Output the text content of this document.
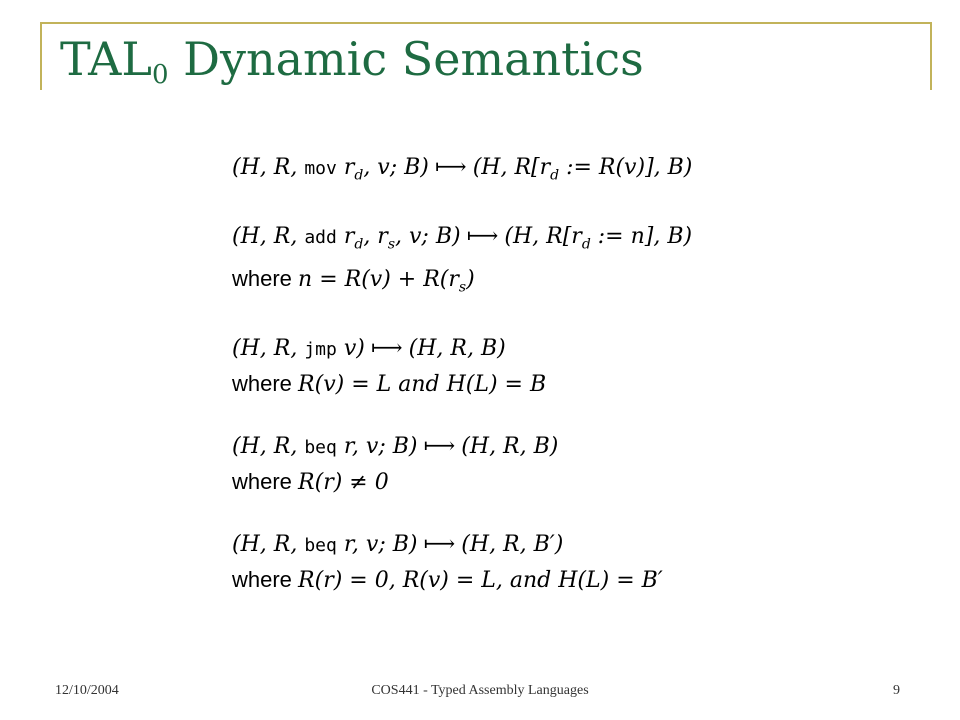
$TAL_0$ Dynamic Semantics
(H, R, mov $r_d$, v; B) ⟼ (H, $R[r_d$ := R(v)], B)
(H, R, add $r_d$, $r_s$, v; B) ⟼ (H, $R[r_d$ := n], B)
where $n = R(v) + R(r_s)$
(H, R, jmp v) ⟼ (H, R, B)
where R(v) = L and H(L) = B
(H, R, beq r, v; B) ⟼ (H, R, B)
where R(r) ≠ 0
(H, R, beq r, v; B) ⟼ (H, R, B′)
where R(r) = 0, R(v) = L, and H(L) = B′
12/10/2004	COS441 - Typed Assembly Languages	9
